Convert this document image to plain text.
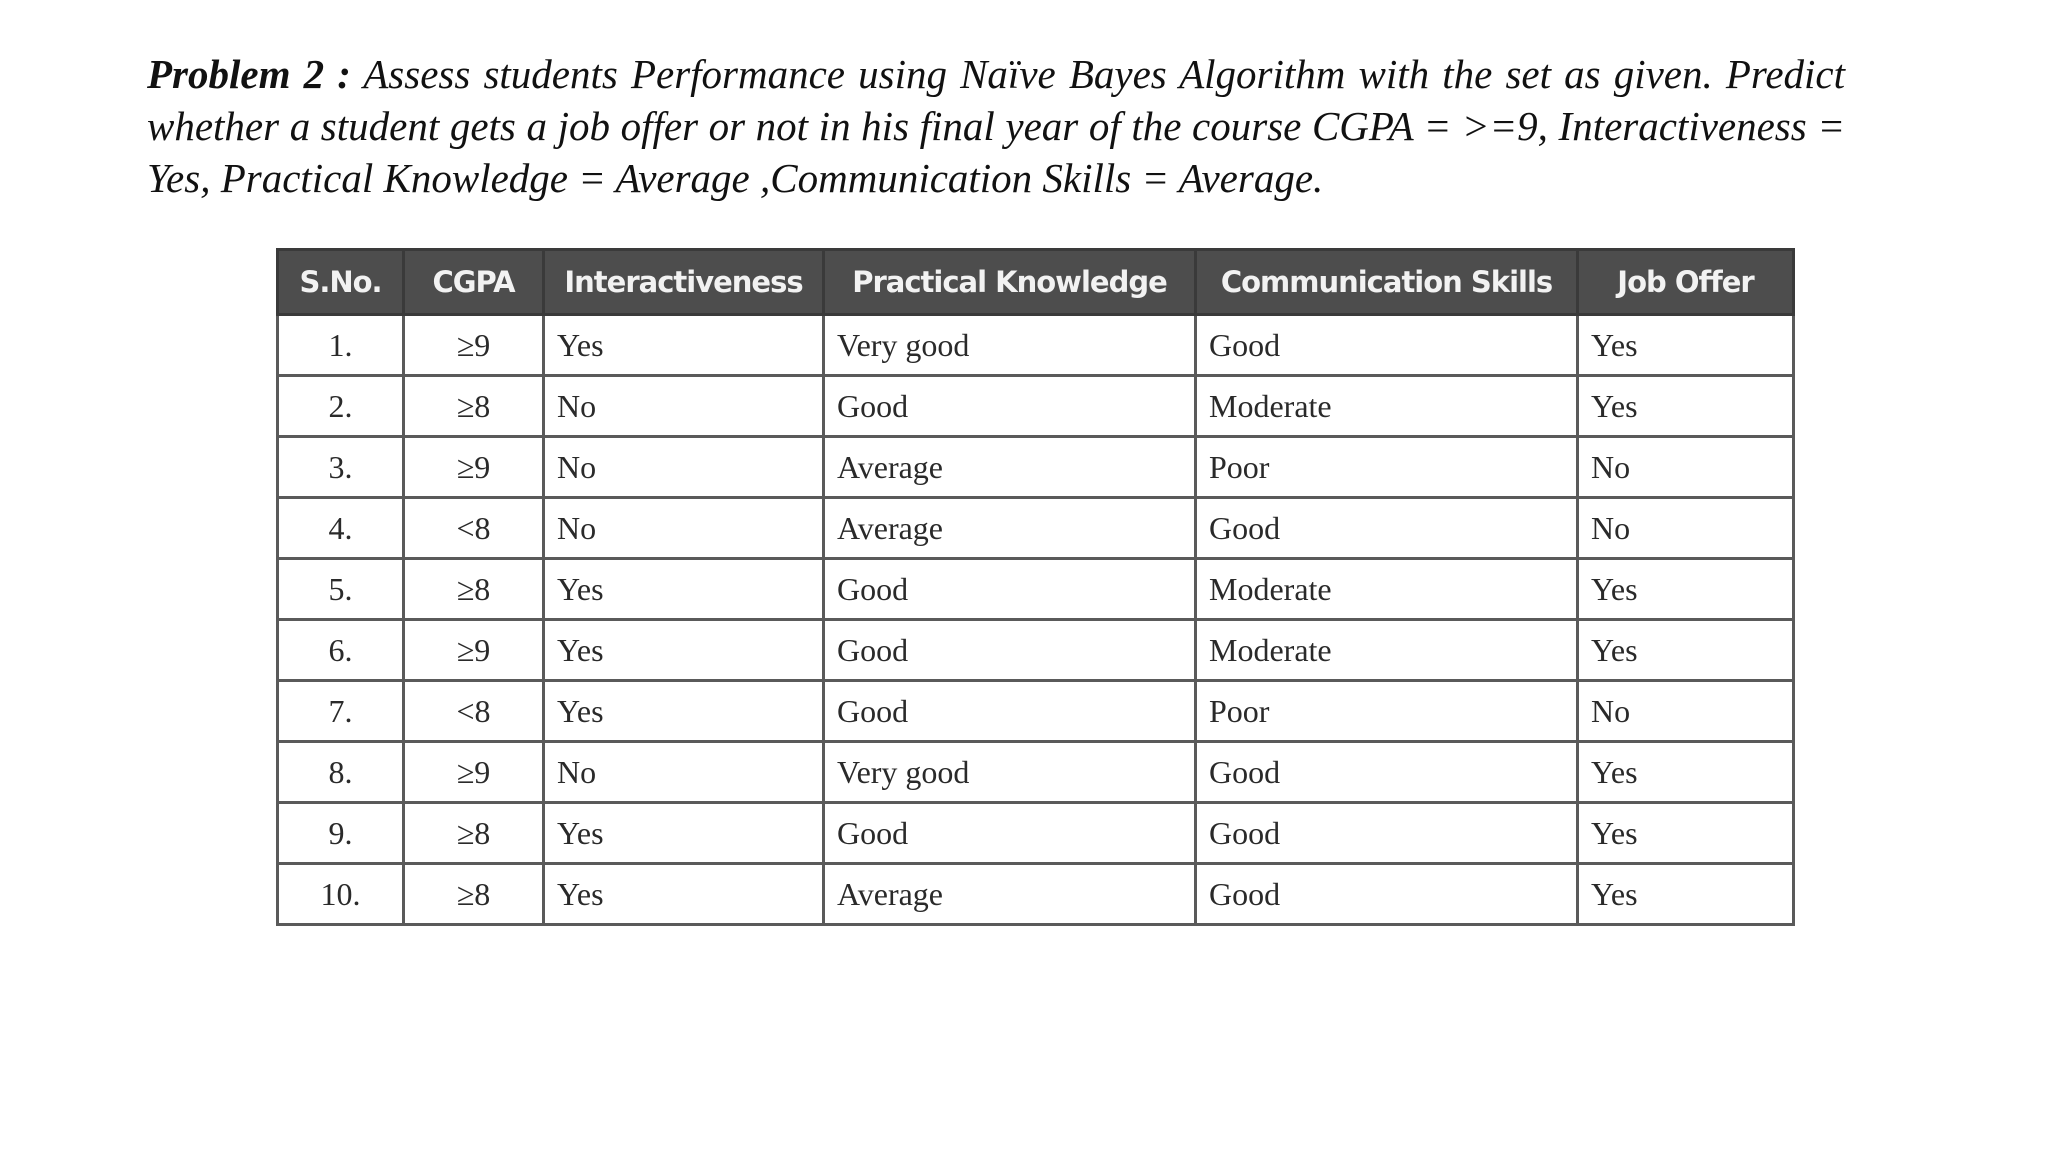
Problem 2 : Assess students Performance using Naïve Bayes Algorithm with the set as given. Predict whether a student gets a job offer or not in his final year of the course CGPA = >=9, Interactiveness = Yes, Practical Knowledge = Average ,Communication Skills = Average.
S.No.	CGPA	Interactiveness	Practical Knowledge	Communication Skills	Job Offer
1.	≥9	Yes	Very good	Good	Yes
2.	≥8	No	Good	Moderate	Yes
3.	≥9	No	Average	Poor	No
4.	<8	No	Average	Good	No
5.	≥8	Yes	Good	Moderate	Yes
6.	≥9	Yes	Good	Moderate	Yes
7.	<8	Yes	Good	Poor	No
8.	≥9	No	Very good	Good	Yes
9.	≥8	Yes	Good	Good	Yes
10.	≥8	Yes	Average	Good	Yes
